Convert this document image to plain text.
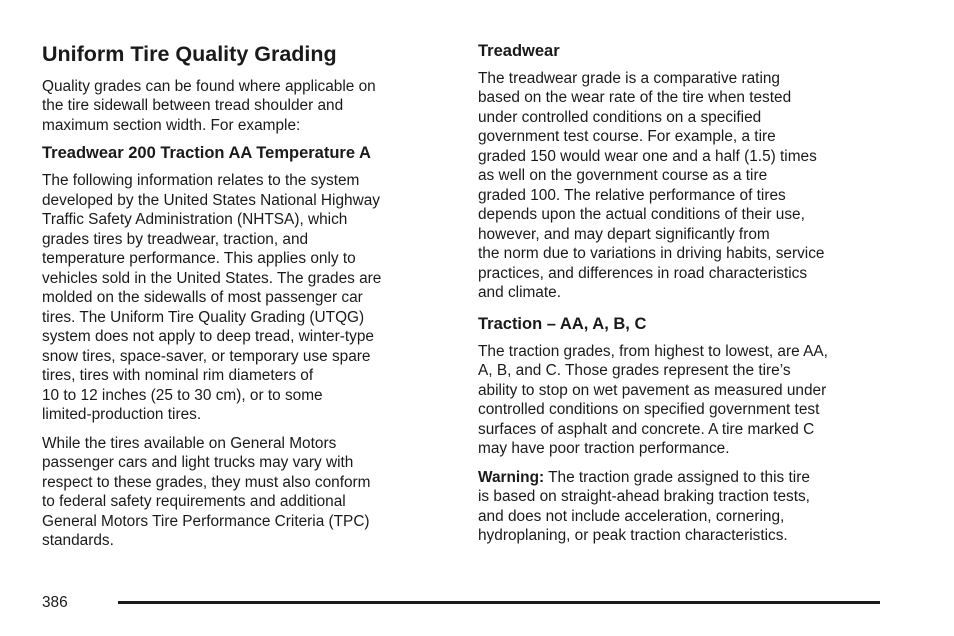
Uniform Tire Quality Grading

Quality grades can be found where applicable on
the tire sidewall between tread shoulder and
maximum section width. For example:

Treadwear 200 Traction AA Temperature A

The following information relates to the system
developed by the United States National Highway
Traffic Safety Administration (NHTSA), which
grades tires by treadwear, traction, and
temperature performance. This applies only to
vehicles sold in the United States. The grades are
molded on the sidewalls of most passenger car
tires. The Uniform Tire Quality Grading (UTQG)
system does not apply to deep tread, winter-type
snow tires, space-saver, or temporary use spare
tires, tires with nominal rim diameters of
10 to 12 inches (25 to 30 cm), or to some
limited-production tires.

While the tires available on General Motors
passenger cars and light trucks may vary with
respect to these grades, they must also conform
to federal safety requirements and additional
General Motors Tire Performance Criteria (TPC)
standards.

Treadwear

The treadwear grade is a comparative rating
based on the wear rate of the tire when tested
under controlled conditions on a specified
government test course. For example, a tire
graded 150 would wear one and a half (1.5) times
as well on the government course as a tire
graded 100. The relative performance of tires
depends upon the actual conditions of their use,
however, and may depart significantly from
the norm due to variations in driving habits, service
practices, and differences in road characteristics
and climate.

Traction – AA, A, B, C

The traction grades, from highest to lowest, are AA,
A, B, and C. Those grades represent the tire’s
ability to stop on wet pavement as measured under
controlled conditions on specified government test
surfaces of asphalt and concrete. A tire marked C
may have poor traction performance.

Warning: The traction grade assigned to this tire
is based on straight-ahead braking traction tests,
and does not include acceleration, cornering,
hydroplaning, or peak traction characteristics.

386
